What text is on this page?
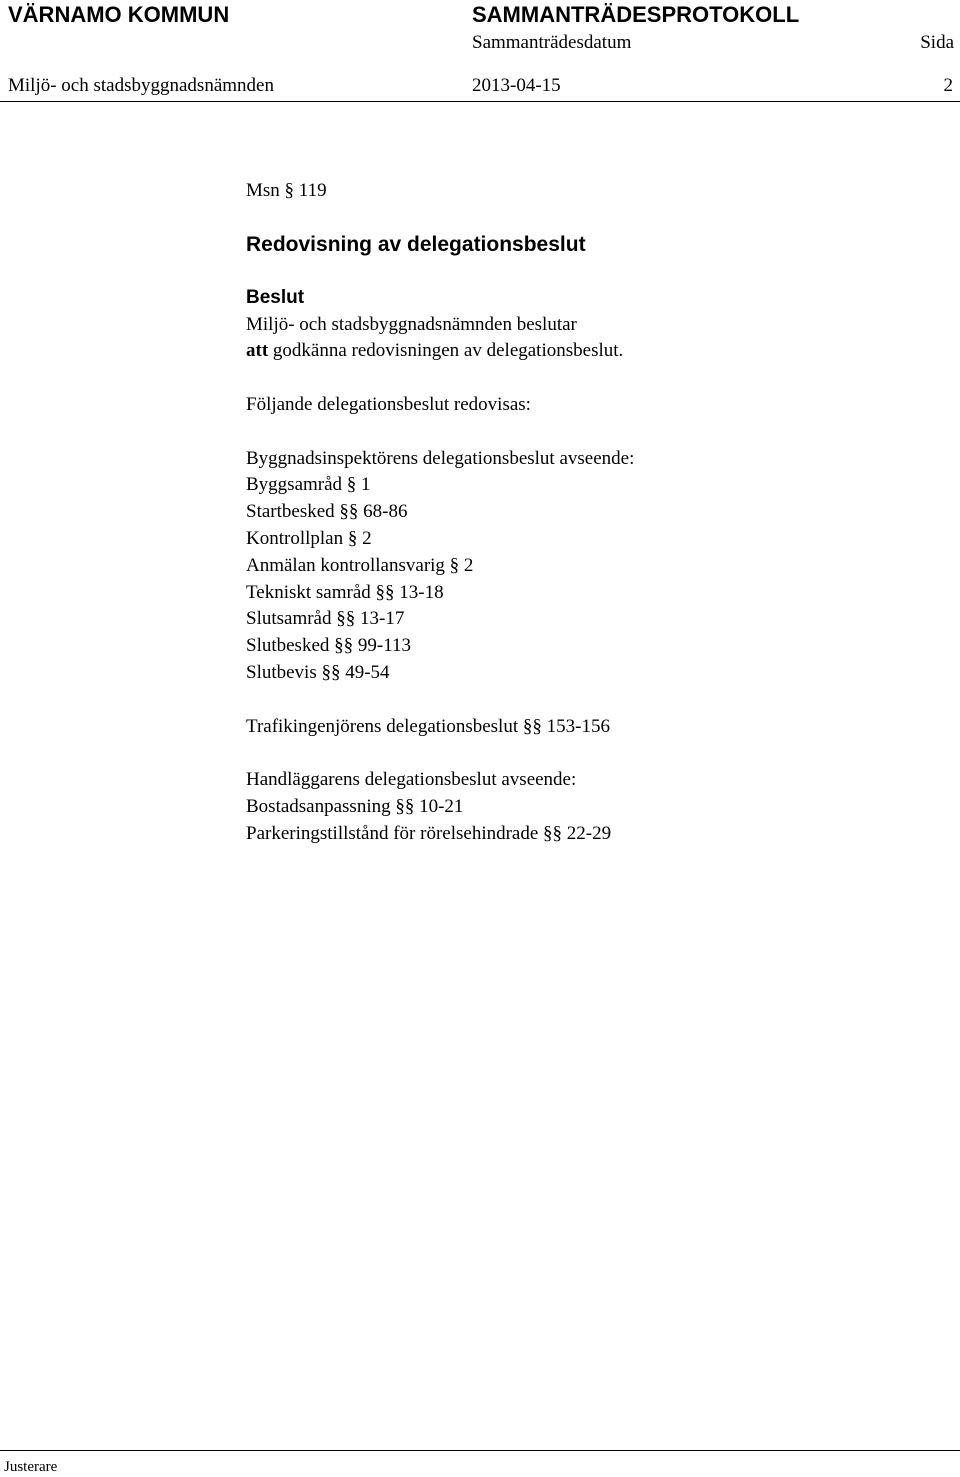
VÄRNAMO KOMMUN	SAMMANTRÄDESPROTOKOLL
Sammanträdesdatum	Sida
Miljö- och stadsbyggnadsnämnden	2013-04-15	2

Msn § 119

Redovisning av delegationsbeslut

Beslut

Miljö- och stadsbyggnadsnämnden beslutar

att godkänna redovisningen av delegationsbeslut.

Följande delegationsbeslut redovisas:

Byggnadsinspektörens delegationsbeslut avseende:

Byggsamråd § 1

Startbesked §§ 68-86

Kontrollplan § 2

Anmälan kontrollansvarig § 2

Tekniskt samråd §§ 13-18

Slutsamråd §§ 13-17

Slutbesked §§ 99-113

Slutbevis §§ 49-54

Trafikingenjörens delegationsbeslut §§ 153-156

Handläggarens delegationsbeslut avseende:

Bostadsanpassning §§ 10-21

Parkeringstillstånd för rörelsehindrade §§ 22-29

Justerare
